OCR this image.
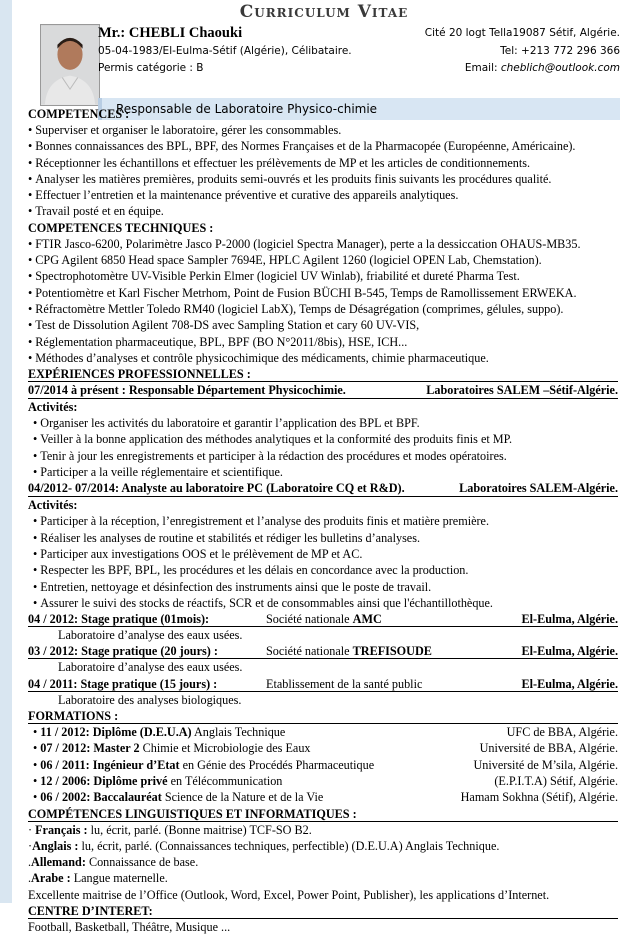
Curriculum Vitae
Mr.: CHEBLI Chaouki
05-04-1983/El-Eulma-Sétif (Algérie), Célibataire.
Permis catégorie : B
Cité 20 logt Tella19087 Sétif, Algérie.
Tel: +213 772 296 366
Email: cheblich@outlook.com
Responsable de Laboratoire Physico-chimie
COMPETENCES :
• Superviser et organiser le laboratoire, gérer les consommables.
• Bonnes connaissances des BPL, BPF, des Normes Françaises et de la Pharmacopée (Européenne, Américaine).
• Réceptionner les échantillons et effectuer les prélèvements de MP et les articles de conditionnements.
• Analyser les matières premières, produits semi-ouvrés et les produits finis suivants les procédures qualité.
• Effectuer l’entretien et la maintenance préventive et curative des appareils analytiques.
• Travail posté et en équipe.
COMPETENCES TECHNIQUES :
• FTIR Jasco-6200, Polarimètre Jasco P-2000 (logiciel Spectra Manager), perte a la dessiccation OHAUS-MB35.
• CPG Agilent 6850 Head space Sampler 7694E, HPLC Agilent 1260 (logiciel OPEN Lab, Chemstation).
• Spectrophotomètre UV-Visible Perkin Elmer (logiciel UV Winlab), friabilité et dureté Pharma Test.
• Potentiomètre et Karl Fischer Metrhom, Point de Fusion BÜCHI B-545, Temps de Ramollissement ERWEKA.
• Réfractomètre Mettler Toledo RM40 (logiciel LabX), Temps de Désagrégation (comprimes, gélules, suppo).
• Test de Dissolution Agilent 708-DS avec Sampling Station et cary 60 UV-VIS,
• Réglementation pharmaceutique, BPL, BPF (BO N°2011/8bis), HSE, ICH...
• Méthodes d’analyses et contrôle physicochimique des médicaments, chimie pharmaceutique.
EXPÉRIENCES PROFESSIONNELLES :
07/2014 à présent : Responsable Département Physicochimie.	Laboratoires SALEM –Sétif-Algérie.
Activités:
• Organiser les activités du laboratoire et garantir l’application des BPL et BPF.
• Veiller à la bonne application des méthodes analytiques et la conformité des produits finis et MP.
• Tenir à jour les enregistrements et participer à la rédaction des procédures et modes opératoires.
• Participer a la veille réglementaire et scientifique.
04/2012- 07/2014: Analyste au laboratoire PC (Laboratoire CQ et R&D).	Laboratoires SALEM-Algérie.
Activités:
• Participer à la réception, l’enregistrement et l’analyse des produits finis et matière première.
• Réaliser les analyses de routine et stabilités et rédiger les bulletins d’analyses.
• Participer aux investigations OOS et le prélèvement de MP et AC.
• Respecter les BPF, BPL, les procédures et les délais en concordance avec la production.
• Entretien, nettoyage et désinfection des instruments ainsi que le poste de travail.
• Assurer le suivi des stocks de réactifs, SCR et de consommables ainsi que l'échantillothèque.
04 / 2012: Stage pratique (01mois):	Société nationale AMC	El-Eulma, Algérie.
Laboratoire d’analyse des eaux usées.
03 / 2012: Stage pratique (20 jours) :	Société nationale TREFISOUDE	El-Eulma, Algérie.
Laboratoire d’analyse des eaux usées.
04 / 2011: Stage pratique (15 jours) :	Etablissement de la santé public	El-Eulma, Algérie.
Laboratoire des analyses biologiques.
FORMATIONS :
• 11 / 2012: Diplôme (D.E.U.A) Anglais Technique	UFC de BBA, Algérie.
• 07 / 2012: Master 2 Chimie et Microbiologie des Eaux	Université de BBA, Algérie.
• 06 / 2011: Ingénieur d’Etat en Génie des Procédés Pharmaceutique	Université de M’sila, Algérie.
• 12 / 2006: Diplôme privé en Télécommunication	(E.P.I.T.A) Sétif, Algérie.
• 06 / 2002: Baccalauréat Science de la Nature et de la Vie	Hamam Sokhna (Sétif), Algérie.
COMPÉTENCES LINGUISTIQUES ET INFORMATIQUES :
· Français : lu, écrit, parlé. (Bonne maitrise) TCF-SO B2.
·Anglais : lu, écrit, parlé. (Connaissances techniques, perfectible) (D.E.U.A) Anglais Technique.
.Allemand: Connaissance de base.
.Arabe : Langue maternelle.
Excellente maitrise de l’Office (Outlook, Word, Excel, Power Point, Publisher), les applications d’Internet.
CENTRE D’INTERET:
Football, Basketball, Théâtre, Musique ...
